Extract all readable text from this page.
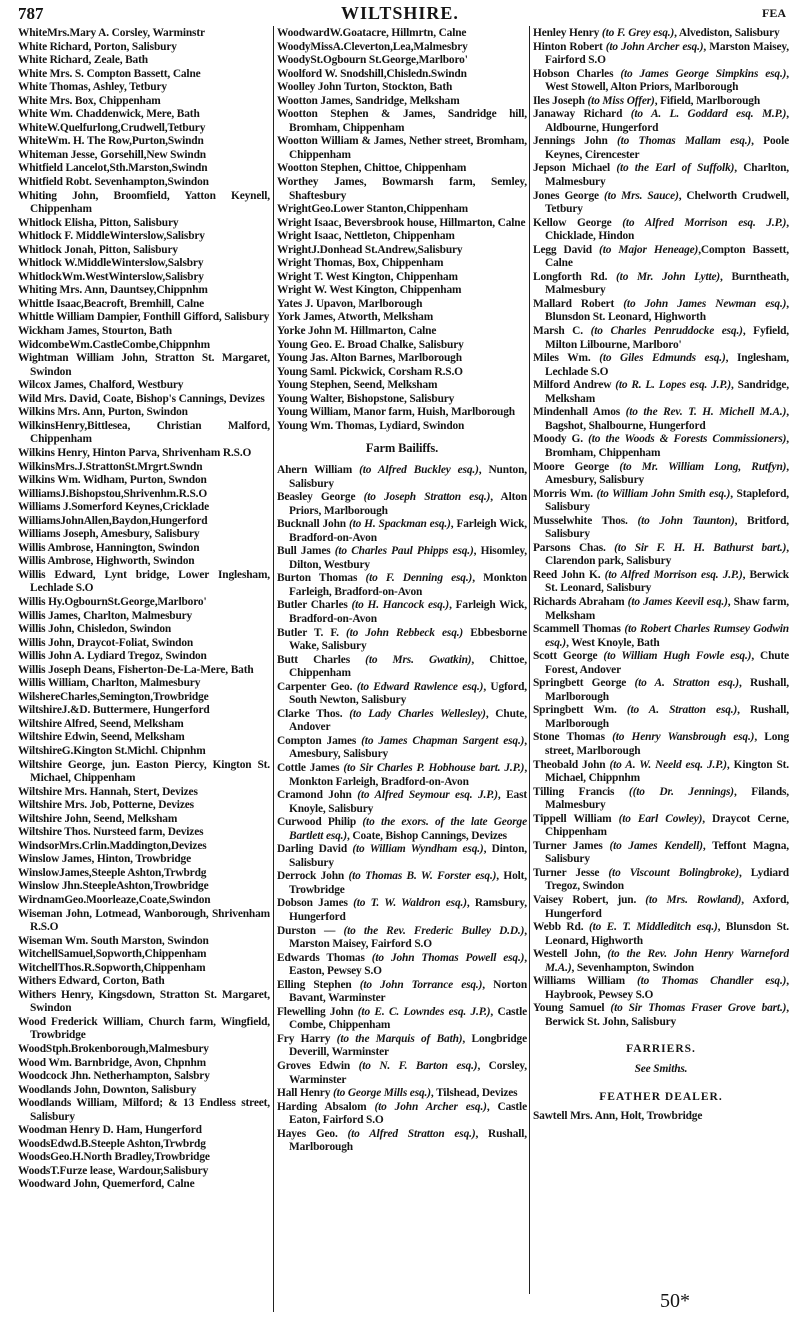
787	WILTSHIRE.	FEA
WhiteMrs.Mary A. Corsley, Warminstr
White Richard, Porton, Salisbury
White Richard, Zeale, Bath
White Mrs. S. Compton Bassett, Calne
White Thomas, Ashley, Tetbury
White Mrs. Box, Chippenham
White Wm. Chaddenwick, Mere, Bath
WhiteW.Quelfurlong,Crudwell,Tetbury
WhiteWm. H. The Row,Purton,Swindn
Whiteman Jesse, Gorsehill,New Swindn
Whitfield Lancelot,Sth.Marston,Swindn
Whitfield Robt. Sevenhampton,Swindon
Whiting John, Broomfield, Yatton Keynell, Chippenham
Whitlock Elisha, Pitton, Salisbury
Whitlock F. MiddleWinterslow,Salisbry
Whitlock Jonah, Pitton, Salisbury
Whitlock W.MiddleWinterslow,Salsbry
WhitlockWm.WestWinterslow,Salisbry
Whiting Mrs. Ann, Dauntsey,Chippnhm
Whittle Isaac,Beacroft, Bremhill, Calne
Whittle William Dampier, Fonthill Gifford, Salisbury
Wickham James, Stourton, Bath
WidcombeWm.CastleCombe,Chippnhm
Wightman William John, Stratton St. Margaret, Swindon
Wilcox James, Chalford, Westbury
Wild Mrs. David, Coate, Bishop's Cannings, Devizes
Wilkins Mrs. Ann, Purton, Swindon
WilkinsHenry,Bittlesea, Christian Malford, Chippenham
Wilkins Henry, Hinton Parva, Shrivenham R.S.O
WilkinsMrs.J.StrattonSt.Mrgrt.Swndn
Wilkins Wm. Widham, Purton, Swndon
WilliamsJ.Bishopstou,Shrivenhm.R.S.O
Williams J.Somerford Keynes,Cricklade
WilliamsJohnAllen,Baydon,Hungerford
Williams Joseph, Amesbury, Salisbury
Willis Ambrose, Hannington, Swindon
Willis Ambrose, Highworth, Swindon
Willis Edward, Lynt bridge, Lower Inglesham, Lechlade S.O
Willis Hy.OgbournSt.George,Marlboro'
Willis James, Charlton, Malmesbury
Willis John, Chisledon, Swindon
Willis John, Draycot-Foliat, Swindon
Willis John A. Lydiard Tregoz, Swindon
Willis Joseph Deans, Fisherton-De-La-Mere, Bath
Willis William, Charlton, Malmesbury
WilshereCharles,Semington,Trowbridge
WiltshireJ.&D. Buttermere, Hungerford
Wiltshire Alfred, Seend, Melksham
Wiltshire Edwin, Seend, Melksham
WiltshireG.Kington St.Michl. Chipnhm
Wiltshire George, jun. Easton Piercy, Kington St. Michael, Chippenham
Wiltshire Mrs. Hannah, Stert, Devizes
Wiltshire Mrs. Job, Potterne, Devizes
Wiltshire John, Seend, Melksham
Wiltshire Thos. Nursteed farm, Devizes
WindsorMrs.Crlin.Maddington,Devizes
Winslow James, Hinton, Trowbridge
WinslowJames,Steeple Ashton,Trwbrdg
Winslow Jhn.SteepleAshton,Trowbridge
WirdnamGeo.Moorleaze,Coate,Swindon
Wiseman John, Lotmead, Wanborough, Shrivenham R.S.O
Wiseman Wm. South Marston, Swindon
WitchellSamuel,Sopworth,Chippenham
WitchellThos.R.Sopworth,Chippenham
Withers Edward, Corton, Bath
Withers Henry, Kingsdown, Stratton St. Margaret, Swindon
Wood Frederick William, Church farm, Wingfield, Trowbridge
WoodStph.Brokenborough,Malmesbury
Wood Wm. Barnbridge, Avon, Chpnhm
Woodcock Jhn. Netherhampton, Salsbry
Woodlands John, Downton, Salisbury
Woodlands William, Milford; & 13 Endless street, Salisbury
Woodman Henry D. Ham, Hungerford
WoodsEdwd.B.Steeple Ashton,Trwbrdg
WoodsGeo.H.North Bradley,Trowbridge
WoodsT.Furze lease, Wardour,Salisbury
Woodward John, Quemerford, Calne
WoodwardW.Goatacre, Hillmrtn, Calne
WoodyMissA.Cleverton,Lea,Malmesbry
WoodySt.Ogbourn St.George,Marlboro'
Woolford W. Snodshill,Chisledn.Swindn
Woolley John Turton, Stockton, Bath
Wootton James, Sandridge, Melksham
Wootton Stephen & James, Sandridge hill, Bromham, Chippenham
Wootton William & James, Nether street, Bromham, Chippenham
Wootton Stephen, Chittoe, Chippenham
Worthey James, Bowmarsh farm, Semley, Shaftesbury
WrightGeo.Lower Stanton,Chippenham
Wright Isaac, Beversbrook house, Hillmarton, Calne
Wright Isaac, Nettleton, Chippenham
WrightJ.Donhead St.Andrew,Salisbury
Wright Thomas, Box, Chippenham
Wright T. West Kington, Chippenham
Wright W. West Kington, Chippenham
Yates J. Upavon, Marlborough
York James, Atworth, Melksham
Yorke John M. Hillmarton, Calne
Young Geo. E. Broad Chalke, Salisbury
Young Jas. Alton Barnes, Marlborough
Young Saml. Pickwick, Corsham R.S.O
Young Stephen, Seend, Melksham
Young Walter, Bishopstone, Salisbury
Young William, Manor farm, Huish, Marlborough
Young Wm. Thomas, Lydiard, Swindon
Farm Bailiffs.
Ahern William (to Alfred Buckley esq.), Nunton, Salisbury
Beasley George (to Joseph Stratton esq.), Alton Priors, Marlborough
Bucknall John (to H. Spackman esq.), Farleigh Wick, Bradford-on-Avon
Bull James (to Charles Paul Phipps esq.), Hisomley, Dilton, Westbury
Burton Thomas (to F. Denning esq.), Monkton Farleigh, Bradford-on-Avon
Butler Charles (to H. Hancock esq.), Farleigh Wick, Bradford-on-Avon
Butler T. F. (to John Rebbeck esq.) Ebbesborne Wake, Salisbury
Butt Charles (to Mrs. Gwatkin), Chittoe, Chippenham
Carpenter Geo. (to Edward Rawlence esq.), Ugford, South Newton, Salisbury
Clarke Thos. (to Lady Charles Wellesley), Chute, Andover
Compton James (to James Chapman Sargent esq.), Amesbury, Salisbury
Cottle James (to Sir Charles P. Hobhouse bart. J.P.), Monkton Farleigh, Bradford-on-Avon
Cramond John (to Alfred Seymour esq. J.P.), East Knoyle, Salisbury
Curwood Philip (to the exors. of the late George Bartlett esq.), Coate, Bishop Cannings, Devizes
Darling David (to William Wyndham esq.), Dinton, Salisbury
Derrock John (to Thomas B. W. Forster esq.), Holt, Trowbridge
Dobson James (to T. W. Waldron esq.), Ramsbury, Hungerford
Durston — (to the Rev. Frederic Bulley D.D.), Marston Maisey, Fairford S.O
Edwards Thomas (to John Thomas Powell esq.), Easton, Pewsey S.O
Elling Stephen (to John Torrance esq.), Norton Bavant, Warminster
Flewelling John (to E. C. Lowndes esq. J.P.), Castle Combe, Chippenham
Fry Harry (to the Marquis of Bath), Longbridge Deverill, Warminster
Groves Edwin (to N. F. Barton esq.), Corsley, Warminster
Hall Henry (to George Mills esq.), Tilshead, Devizes
Harding Absalom (to John Archer esq.), Castle Eaton, Fairford S.O
Hayes Geo. (to Alfred Stratton esq.), Rushall, Marlborough
Henley Henry (to F. Grey esq.), Alvediston, Salisbury
Hinton Robert (to John Archer esq.), Marston Maisey, Fairford S.O
Hobson Charles (to James George Simpkins esq.), West Stowell, Alton Priors, Marlborough
Iles Joseph (to Miss Offer), Fifield, Marlborough
Janaway Richard (to A. L. Goddard esq. M.P.), Aldbourne, Hungerford
Jennings John (to Thomas Mallam esq.), Poole Keynes, Cirencester
Jepson Michael (to the Earl of Suffolk), Charlton, Malmesbury
Jones George (to Mrs. Sauce), Chelworth Crudwell, Tetbury
Kellow George (to Alfred Morrison esq. J.P.), Chicklade, Hindon
Legg David (to Major Heneage),Compton Bassett, Calne
Longforth Rd. (to Mr. John Lytte), Burntheath, Malmesbury
Mallard Robert (to John James Newman esq.), Blunsdon St. Leonard, Highworth
Marsh C. (to Charles Penruddocke esq.), Fyfield, Milton Lilbourne, Marlboro'
Miles Wm. (to Giles Edmunds esq.), Inglesham, Lechlade S.O
Milford Andrew (to R. L. Lopes esq. J.P.), Sandridge, Melksham
Mindenhall Amos (to the Rev. T. H. Michell M.A.), Bagshot, Shalbourne, Hungerford
Moody G. (to the Woods & Forests Commissioners), Bromham, Chippenham
Moore George (to Mr. William Long, Rutfyn), Amesbury, Salisbury
Morris Wm. (to William John Smith esq.), Stapleford, Salisbury
Musselwhite Thos. (to John Taunton), Britford, Salisbury
Parsons Chas. (to Sir F. H. H. Bathurst bart.), Clarendon park, Salisbury
Reed John K. (to Alfred Morrison esq. J.P.), Berwick St. Leonard, Salisbury
Richards Abraham (to James Keevil esq.), Shaw farm, Melksham
Scammell Thomas (to Robert Charles Rumsey Godwin esq.), West Knoyle, Bath
Scott George (to William Hugh Fowle esq.), Chute Forest, Andover
Springbett George (to A. Stratton esq.), Rushall, Marlborough
Springbett Wm. (to A. Stratton esq.), Rushall, Marlborough
Stone Thomas (to Henry Wansbrough esq.), Long street, Marlborough
Theobald John (to A. W. Neeld esq. J.P.), Kington St. Michael, Chippnhm
Tilling Francis ((to Dr. Jennings), Filands, Malmesbury
Tippell William (to Earl Cowley), Draycot Cerne, Chippenham
Turner James (to James Kendell), Teffont Magna, Salisbury
Turner Jesse (to Viscount Bolingbroke), Lydiard Tregoz, Swindon
Vaisey Robert, jun. (to Mrs. Rowland), Axford, Hungerford
Webb Rd. (to E. T. Middleditch esq.), Blunsdon St. Leonard, Highworth
Westell John, (to the Rev. John Henry Warneford M.A.), Sevenhampton, Swindon
Williams William (to Thomas Chandler esq.), Haybrook, Pewsey S.O
Young Samuel (to Sir Thomas Fraser Grove bart.), Berwick St. John, Salisbury
FARRIERS.
See Smiths.
FEATHER DEALER.
Sawtell Mrs. Ann, Holt, Trowbridge
50*
